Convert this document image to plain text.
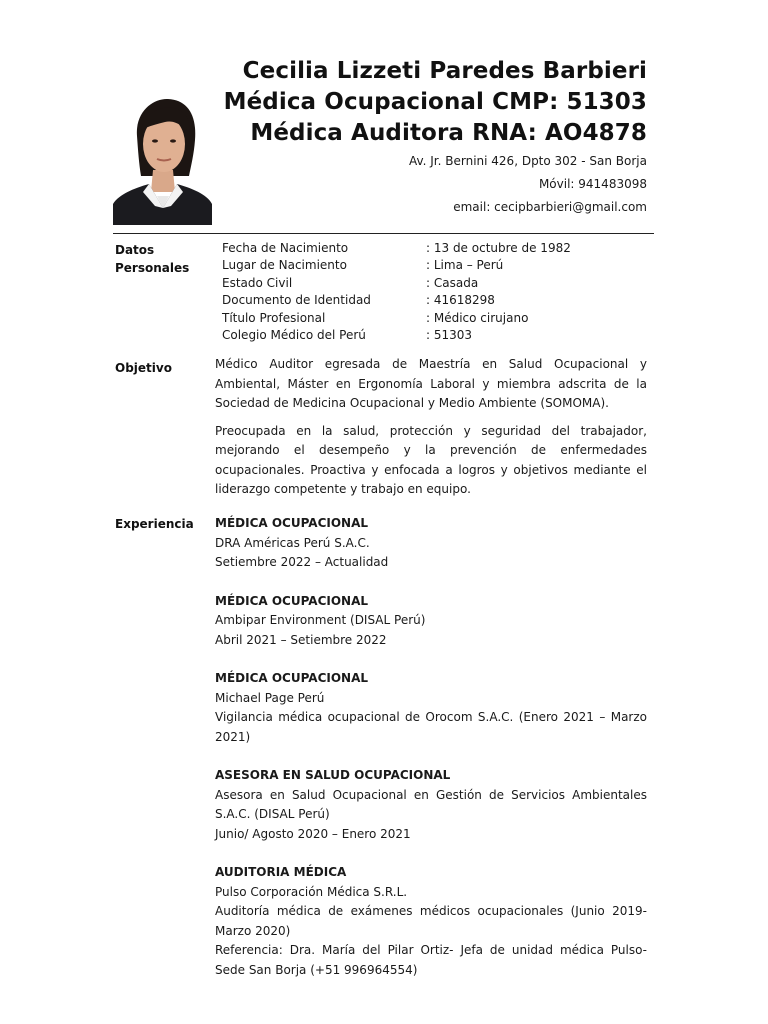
Cecilia Lizzeti Paredes Barbieri
Médica Ocupacional CMP: 51303
Médica Auditora RNA: AO4878
Av. Jr. Bernini 426, Dpto 302 - San Borja
Móvil: 941483098
email: cecipbarbieri@gmail.com
Datos
Personales
Objetivo
Experiencia
Fecha de Nacimiento	: 13 de octubre de 1982
Lugar de Nacimiento	: Lima – Perú
Estado Civil	: Casada
Documento de Identidad	: 41618298
Título Profesional	: Médico cirujano
Colegio Médico del Perú	: 51303

Médico Auditor egresada de Maestría en Salud Ocupacional y Ambiental, Máster en Ergonomía Laboral y miembra adscrita de la Sociedad de Medicina Ocupacional y Medio Ambiente (SOMOMA).

Preocupada en la salud, protección y seguridad del trabajador, mejorando el desempeño y la prevención de enfermedades ocupacionales. Proactiva y enfocada a logros y objetivos mediante el liderazgo competente y trabajo en equipo.

MÉDICA OCUPACIONAL
DRA Américas Perú S.A.C.
Setiembre 2022 – Actualidad
MÉDICA OCUPACIONAL
Ambipar Environment (DISAL Perú)
Abril 2021 – Setiembre 2022
MÉDICA OCUPACIONAL
Michael Page Perú
Vigilancia médica ocupacional de Orocom S.A.C. (Enero 2021 – Marzo 2021)
ASESORA EN SALUD OCUPACIONAL
Asesora en Salud Ocupacional en Gestión de Servicios Ambientales S.A.C. (DISAL Perú)
Junio/ Agosto 2020 – Enero 2021
AUDITORIA MÉDICA
Pulso Corporación Médica S.R.L.
Auditoría médica de exámenes médicos ocupacionales (Junio 2019- Marzo 2020)
Referencia: Dra. María del Pilar Ortiz- Jefa de unidad médica Pulso- Sede San Borja (+51 996964554)
